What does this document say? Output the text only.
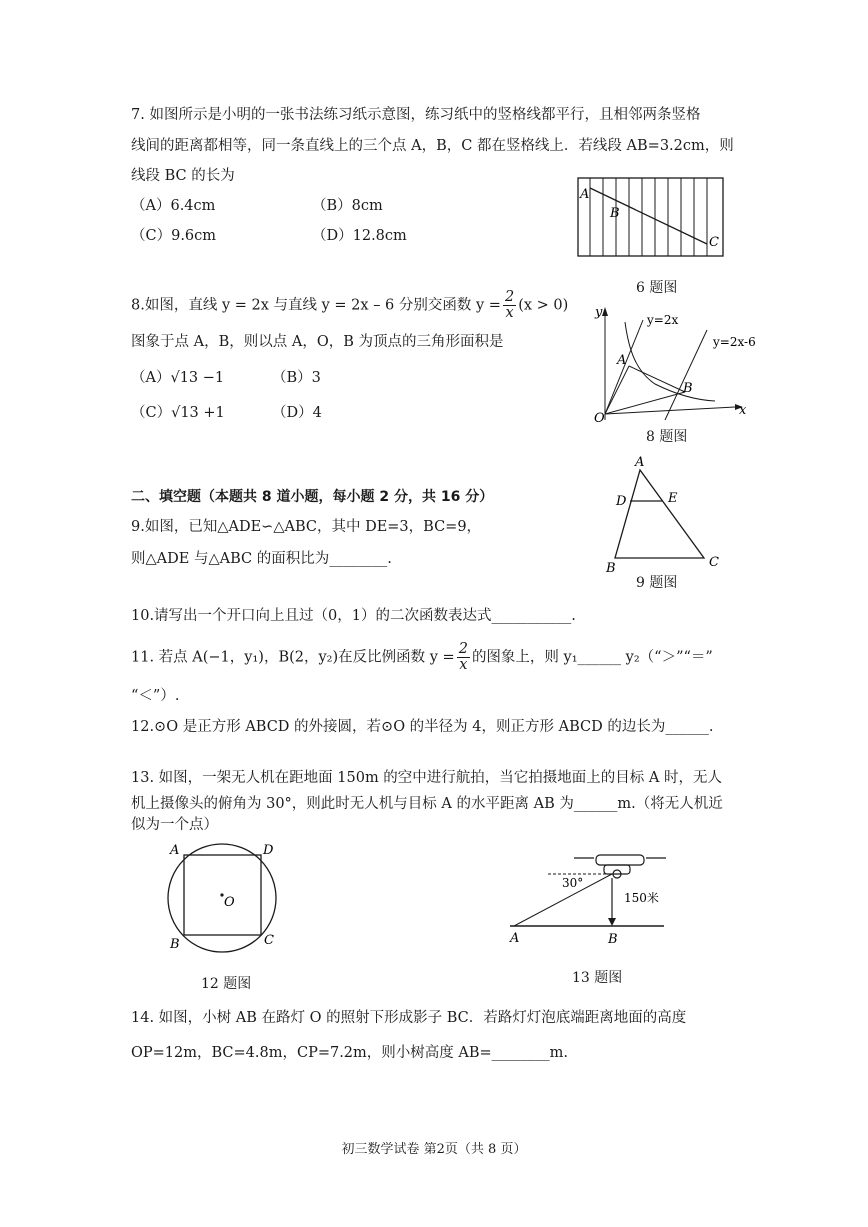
7. 如图所示是小明的一张书法练习纸示意图，练习纸中的竖格线都平行，且相邻两条竖格
线间的距离都相等，同一条直线上的三个点 A，B，C 都在竖格线上．若线段 AB=3.2cm，则
线段 BC 的长为
（A）6.4cm	（B）8cm
（C）9.6cm	（D）12.8cm
A
B
C
6 题图
8.如图，直线 y = 2x 与直线 y = 2x – 6 分别交函数 $y = \frac{2}{x} (x > 0)$
图象于点 A，B，则以点 A，O，B 为顶点的三角形面积是
（A）√13 −1	（B）3
（C）√13 +1	（D）4
y
x
O
A
B
y=2x
y=2x-6
8 题图
二、填空题（本题共 8 道小题，每小题 2 分，共 16 分）
9.如图，已知△ADE∽△ABC，其中 DE=3，BC=9，
则△ADE 与△ABC 的面积比为________.
A
D	E
B	C
9 题图
10.请写出一个开口向上且过（0，1）的二次函数表达式___________.
11. 若点 A(−1，y₁)，B(2，y₂)在反比例函数 $y = \frac{2}{x}$ 的图象上，则 y₁______ y₂（“＞”“＝”
“＜”）.
12.⊙O 是正方形 ABCD 的外接圆，若⊙O 的半径为 4，则正方形 ABCD 的边长为______.
13. 如图，一架无人机在距地面 150m 的空中进行航拍，当它拍摄地面上的目标 A 时，无人
机上摄像头的俯角为 30°，则此时无人机与目标 A 的水平距离 AB 为______m.（将无人机近
似为一个点）
A	D
B	C
O
12 题图
30°
150米
A	B
13 题图
14. 如图，小树 AB 在路灯 O 的照射下形成影子 BC．若路灯灯泡底端距离地面的高度
OP=12m，BC=4.8m，CP=7.2m，则小树高度 AB=________m.
初三数学试卷 第2页（共 8 页）
